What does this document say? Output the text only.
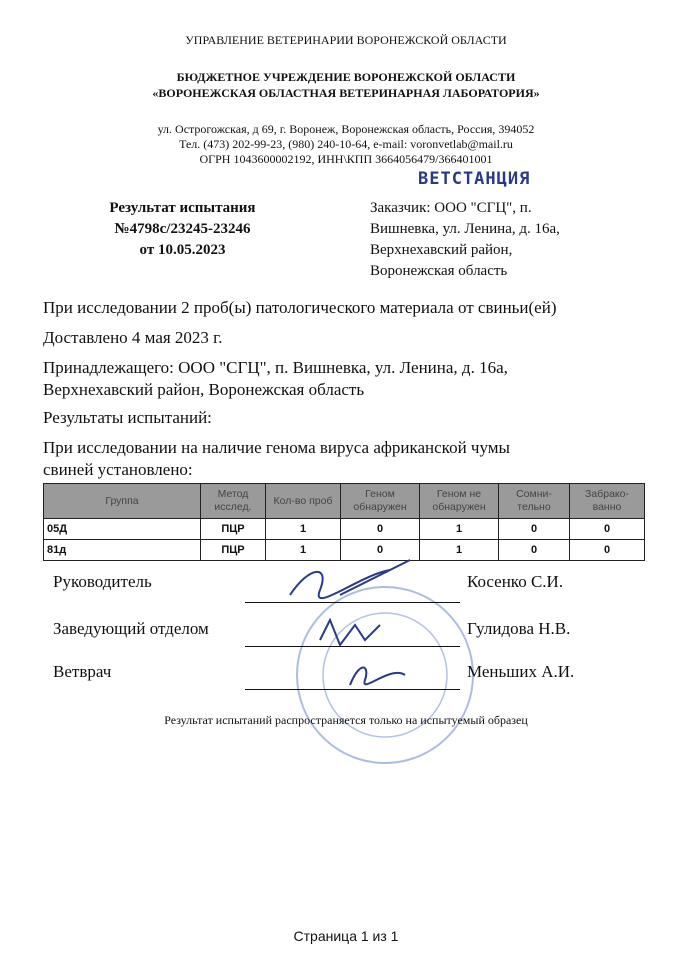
УПРАВЛЕНИЕ ВЕТЕРИНАРИИ ВОРОНЕЖСКОЙ ОБЛАСТИ
БЮДЖЕТНОЕ УЧРЕЖДЕНИЕ ВОРОНЕЖСКОЙ ОБЛАСТИ
«ВОРОНЕЖСКАЯ ОБЛАСТНАЯ ВЕТЕРИНАРНАЯ ЛАБОРАТОРИЯ»
ул. Острогожская, д 69, г. Воронеж, Воронежская область, Россия, 394052
Тел. (473) 202-99-23, (980) 240-10-64, e-mail: voronvetlab@mail.ru
ОГРН 1043600002192, ИНН\КПП 3664056479/366401001
ВЕТСТАНЦИЯ
Результат испытания
№4798с/23245-23246
от 10.05.2023
Заказчик: ООО "СГЦ", п.
Вишневка, ул. Ленина, д. 16а,
Верхнехавский район,
Воронежская область
При исследовании 2 проб(ы) патологического материала от свиньи(ей)
Доставлено 4 мая 2023 г.
Принадлежащего: ООО "СГЦ", п. Вишневка, ул. Ленина, д. 16а,
Верхнехавский район, Воронежская область
Результаты испытаний:
При исследовании на наличие генома вируса африканской чумы
свиней установлено:
Группа	Метод исслед.	Кол-во проб	Геном обнаружен	Геном не обнаружен	Сомни-тельно	Забрако-ванно
05Д	ПЦР	1	0	1	0	0
81д	ПЦР	1	0	1	0	0
Руководитель	Косенко С.И.
Заведующий отделом	Гулидова Н.В.
Ветврач	Меньших А.И.
Результат испытаний распространяется только на испытуемый образец
Страница 1 из 1
